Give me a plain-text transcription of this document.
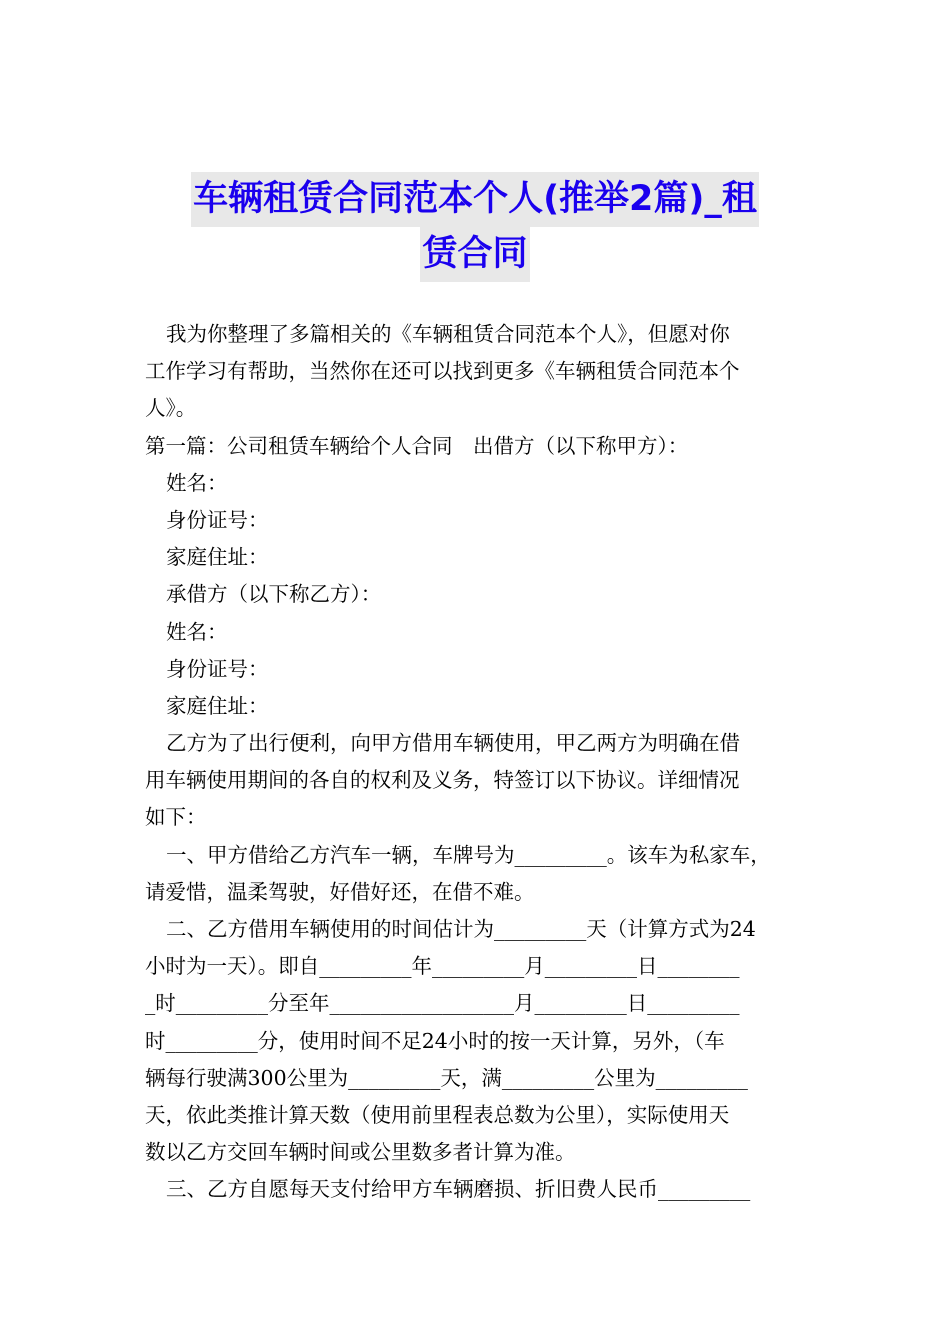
车辆租赁合同范本个人(推举2篇)_租
赁合同
我为你整理了多篇相关的《车辆租赁合同范本个人》，但愿对你
工作学习有帮助，当然你在还可以找到更多《车辆租赁合同范本个
人》。
第一篇：公司租赁车辆给个人合同　出借方（以下称甲方）：
姓名：
身份证号：
家庭住址：
承借方（以下称乙方）：
姓名：
身份证号：
家庭住址：
乙方为了出行便利，向甲方借用车辆使用，甲乙两方为明确在借
用车辆使用期间的各自的权利及义务，特签订以下协议。详细情况
如下：
一、甲方借给乙方汽车一辆，车牌号为_________。该车为私家车，
请爱惜，温柔驾驶，好借好还，在借不难。
二、乙方借用车辆使用的时间估计为_________天（计算方式为24
小时为一天）。即自_________年_________月_________日________
_时_________分至年__________________月_________日_________
时_________分，使用时间不足24小时的按一天计算，另外，（车
辆每行驶满300公里为_________天，满_________公里为_________
天，依此类推计算天数（使用前里程表总数为公里），实际使用天
数以乙方交回车辆时间或公里数多者计算为准。
三、乙方自愿每天支付给甲方车辆磨损、折旧费人民币_________
